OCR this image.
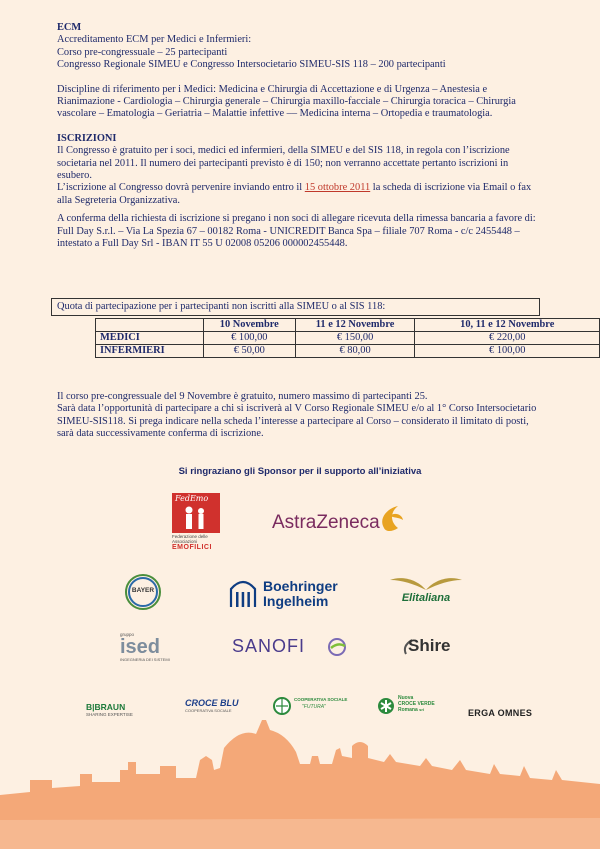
ECM
Accreditamento ECM per Medici e Infermieri:
Corso pre-congressuale – 25 partecipanti
Congresso Regionale SIMEU e Congresso Intersocietario SIMEU-SIS 118 – 200 partecipanti
Discipline di riferimento per i Medici: Medicina e Chirurgia di Accettazione e di Urgenza – Anestesia e Rianimazione - Cardiologia – Chirurgia generale – Chirurgia maxillo-facciale – Chirurgia toracica – Chirurgia vascolare – Ematologia – Geriatria – Malattie infettive –– Medicina interna – Ortopedia e traumatologia.
ISCRIZIONI
Il Congresso è gratuito per i soci, medici ed infermieri, della SIMEU e del SIS 118, in regola con l’iscrizione societaria nel 2011. Il numero dei partecipanti previsto è di 150; non verranno accettate pertanto iscrizioni in esubero.
L’iscrizione al Congresso dovrà pervenire inviando entro il 15 ottobre 2011 la scheda di iscrizione via Email o fax alla Segreteria Organizzativa.
A conferma della richiesta di iscrizione si pregano i non soci di allegare ricevuta della rimessa bancaria a favore di: Full Day S.r.l. – Via La Spezia 67 – 00182 Roma - UNICREDIT Banca Spa – filiale 707 Roma - c/c 2455448 – intestato a Full Day Srl - IBAN IT 55 U 02008 05206 000002455448.
Quota di partecipazione per i partecipanti non iscritti alla SIMEU o al SIS 118:
	10 Novembre	11 e 12 Novembre	10, 11 e 12 Novembre
MEDICI	€ 100,00	€ 150,00	€ 220,00
INFERMIERI	€ 50,00	€ 80,00	€ 100,00
Il corso pre-congressuale del 9 Novembre è gratuito, numero massimo di partecipanti 25.
Sarà data l’opportunità di partecipare a chi si iscriverà al V Corso Regionale SIMEU e/o al 1° Corso Intersocietario SIMEU-SIS118. Si prega indicare nella scheda l’interesse a partecipare al Corso – considerato il limitato di posti, sarà data successivamente conferma di iscrizione.
Si ringraziano gli Sponsor per il supporto all’iniziativa
FedEmo
Federazione delle Associazioni
EMOFILICI
AstraZeneca
BAYER	Boehringer
Ingelheim	Elitaliana
gruppo
ised
INGEGNERIA DEI SISTEMI
SANOFI	Shire
B|BRAUN
SHARING EXPERTISE
CROCE BLU
COOPERATIVA SOCIALE
COOPERATIVA SOCIALE
"FUTURA"
Nuova
CROCE VERDE
Romana srl	ERGA OMNES
